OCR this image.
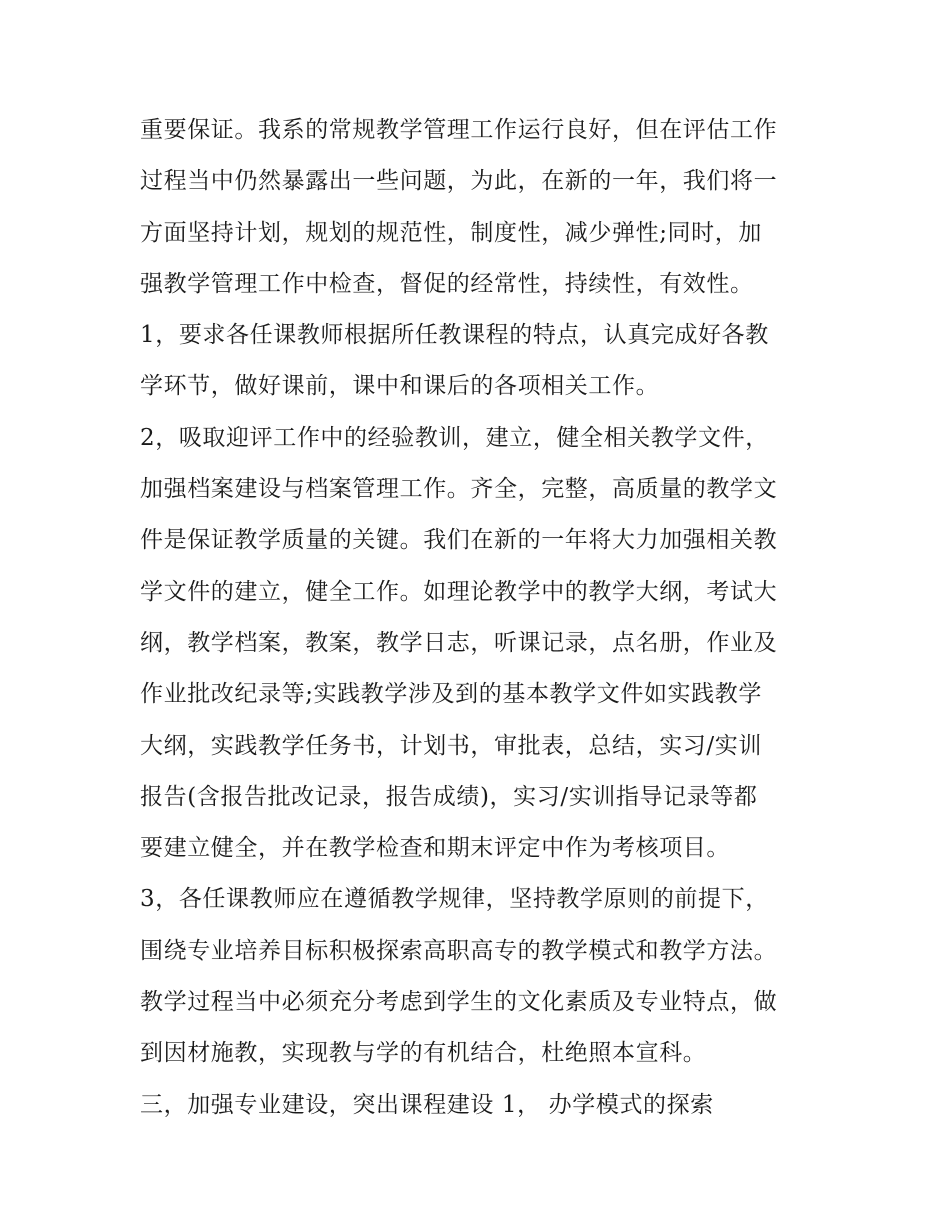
重要保证。我系的常规教学管理工作运行良好，但在评估工作
过程当中仍然暴露出一些问题，为此，在新的一年，我们将一
方面坚持计划，规划的规范性，制度性，减少弹性;同时，加
强教学管理工作中检查，督促的经常性，持续性，有效性。
1，要求各任课教师根据所任教课程的特点，认真完成好各教
学环节，做好课前，课中和课后的各项相关工作。
2，吸取迎评工作中的经验教训，建立，健全相关教学文件，
加强档案建设与档案管理工作。齐全，完整，高质量的教学文
件是保证教学质量的关键。我们在新的一年将大力加强相关教
学文件的建立，健全工作。如理论教学中的教学大纲，考试大
纲，教学档案，教案，教学日志，听课记录，点名册，作业及
作业批改纪录等;实践教学涉及到的基本教学文件如实践教学
大纲，实践教学任务书，计划书，审批表，总结，实习/实训
报告(含报告批改记录，报告成绩)，实习/实训指导记录等都
要建立健全，并在教学检查和期末评定中作为考核项目。
3，各任课教师应在遵循教学规律，坚持教学原则的前提下，
围绕专业培养目标积极探索高职高专的教学模式和教学方法。
教学过程当中必须充分考虑到学生的文化素质及专业特点，做
到因材施教，实现教与学的有机结合，杜绝照本宣科。
三，加强专业建设，突出课程建设 1， 办学模式的探索
